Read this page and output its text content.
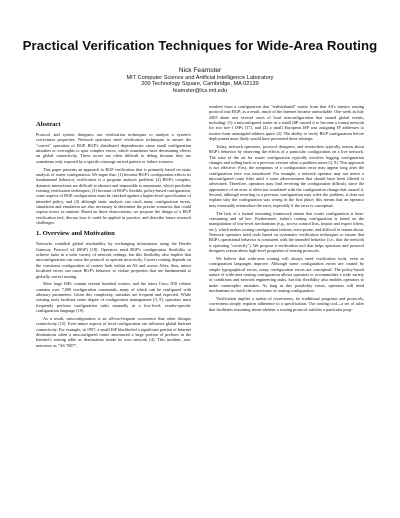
Practical Verification Techniques for Wide-Area Routing
Nick Feamster
MIT Computer Science and Artificial Intelligence Laboratory
200 Technology Square, Cambridge, MA 02139
feamster@lcs.mit.edu
Abstract

Protocol and system designers use verification techniques to analyze a system's correctness properties. Network operators need verification techniques to ensure the "correct" operation of BGP. BGP's distributed dependencies cause small configuration mistakes or oversights to spur complex errors, which sometimes have devastating effects on global connectivity. These errors are often difficult to debug because they are sometimes only exposed by a specific message arrival pattern or failure scenario.

This paper presents an approach to BGP verification that is primarily based on static analysis of router configuration. We argue that: (1) because BGP's configuration affects its fundamental behavior, verification is a program analysis problem, (2) BGP's complex, dynamic interactions are difficult to abstract and impossible to enumerate, which precludes existing verification techniques; (3) because of BGP's flexible, policy-based configuration, some aspects of BGP configuration must be checked against a higher-level specification of intended policy, and (4) although static analysis can catch many configuration errors, simulation and emulation are also necessary to determine the precise scenarios that could expose errors at runtime. Based on these observations, we propose the design of a BGP verification tool, discuss how it could be applied in practice, and describe future research challenges.

1. Overview and Motivation

Networks establish global reachability by exchanging information using the Border Gateway Protocol v4 (BGP) [18]. Operators need BGP's configuration flexibility to achieve tasks in a wide variety of network settings, but this flexibility also implies that misconfiguration can cause the protocol to operate incorrectly. Correct routing depends on the consistent configuration of routers both within an AS and across ASes; thus, minor localized errors can cause BGP's behavior to violate properties that are fundamental to globally correct routing.

Most large ISPs contain several hundred routers, and the latest Cisco IOS release contains over 7,000 configuration commands, many of which can be configured with arbitrary parameters. Given this complexity, mistakes are frequent and expected. While existing tools facilitate some degree of configuration management [3, 9], operators must frequently perform configuration tasks manually in a low-level, vendor-specific configuration language [19].

As a result, misconfiguration is an all-too-frequent occurrence that often disrupts connectivity [15]. Even minor aspects of local configuration can influence global Internet connectivity. For example, in 1997, a small ISP blackholed a significant portion of Internet destinations when a misconfigured router announced a large portion of prefixes in the Internet's routing table as destinations inside its own network [4]. This incident, now notorious as "AS 7007",

resulted from a configuration that "redistributed" routes from that AS's interior routing protocol into BGP; as a result, much of the Internet became unreachable. One week in July 2003 alone saw several cases of local misconfiguration that caused global events, including: (1) a misconfigured router in a small ISP caused it to become a transit network for two tier-1 ISPs [17], and (2) a small European ISP was assigning IP addresses to routers from unassigned address space [2]. The ability to verify BGP configuration before deployment must likely would have prevented these mishaps.

Today, network operators, protocol designers, and researchers typically reason about BGP's behavior by observing the effects of a particular configuration on a live network. The state of the art for router configuration typically involves logging configuration changes and rolling back to a previous version when a problem arises [3, 9]. This approach is not effective. First, the symptoms of a configuration error may appear long after the configuration error was introduced. For example, a network operator may not notice a misconfigured route filter until a route advertisement that should have been filtered is advertised. Therefore, operators may find reverting the configuration difficult, since the appearance of an error is often not correlated with the configuration change that caused it. Second, although reverting to a previous configuration may solve the problem, it does not explain why the configuration was wrong in the first place; this means that an operator may eventually reintroduce the error, especially if the error is conceptual.

The lack of a formal reasoning framework means that router configuration is time-consuming and ad hoc. Furthermore, today's routing configuration is based on the manipulation of low-level mechanisms (e.g., access control lists, import and export filters, etc.), which makes routing configuration tedious, error-prone, and difficult to reason about. Network operators need tools based on systematic verification techniques to ensure that BGP's operational behavior is consistent with the intended behavior (i.e., that the network is operating "correctly"). We propose a verification tool that helps operators and protocol designers reason about high-level properties of routing protocols.

We believe that wide-area routing will always need verification tools, even as configuration languages improve. Although some configuration errors are caused by simple typographical errors, many configuration errors are conceptual. The policy-based nature of wide-area routing configuration allows operators to accommodate a wide variety of conditions and network engineering tasks, but this flexibility also enables operators to make catastrophic mistakes. As long as this possibility exists, operators will need mechanisms to check the correctness of routing configuration.

Verification implies a notion of correctness; for traditional programs and protocols, correctness simply requires adherence to a specification. Our routing tool—a set of rules that facilitates reasoning about whether a routing protocol satisfies a particular prop-
